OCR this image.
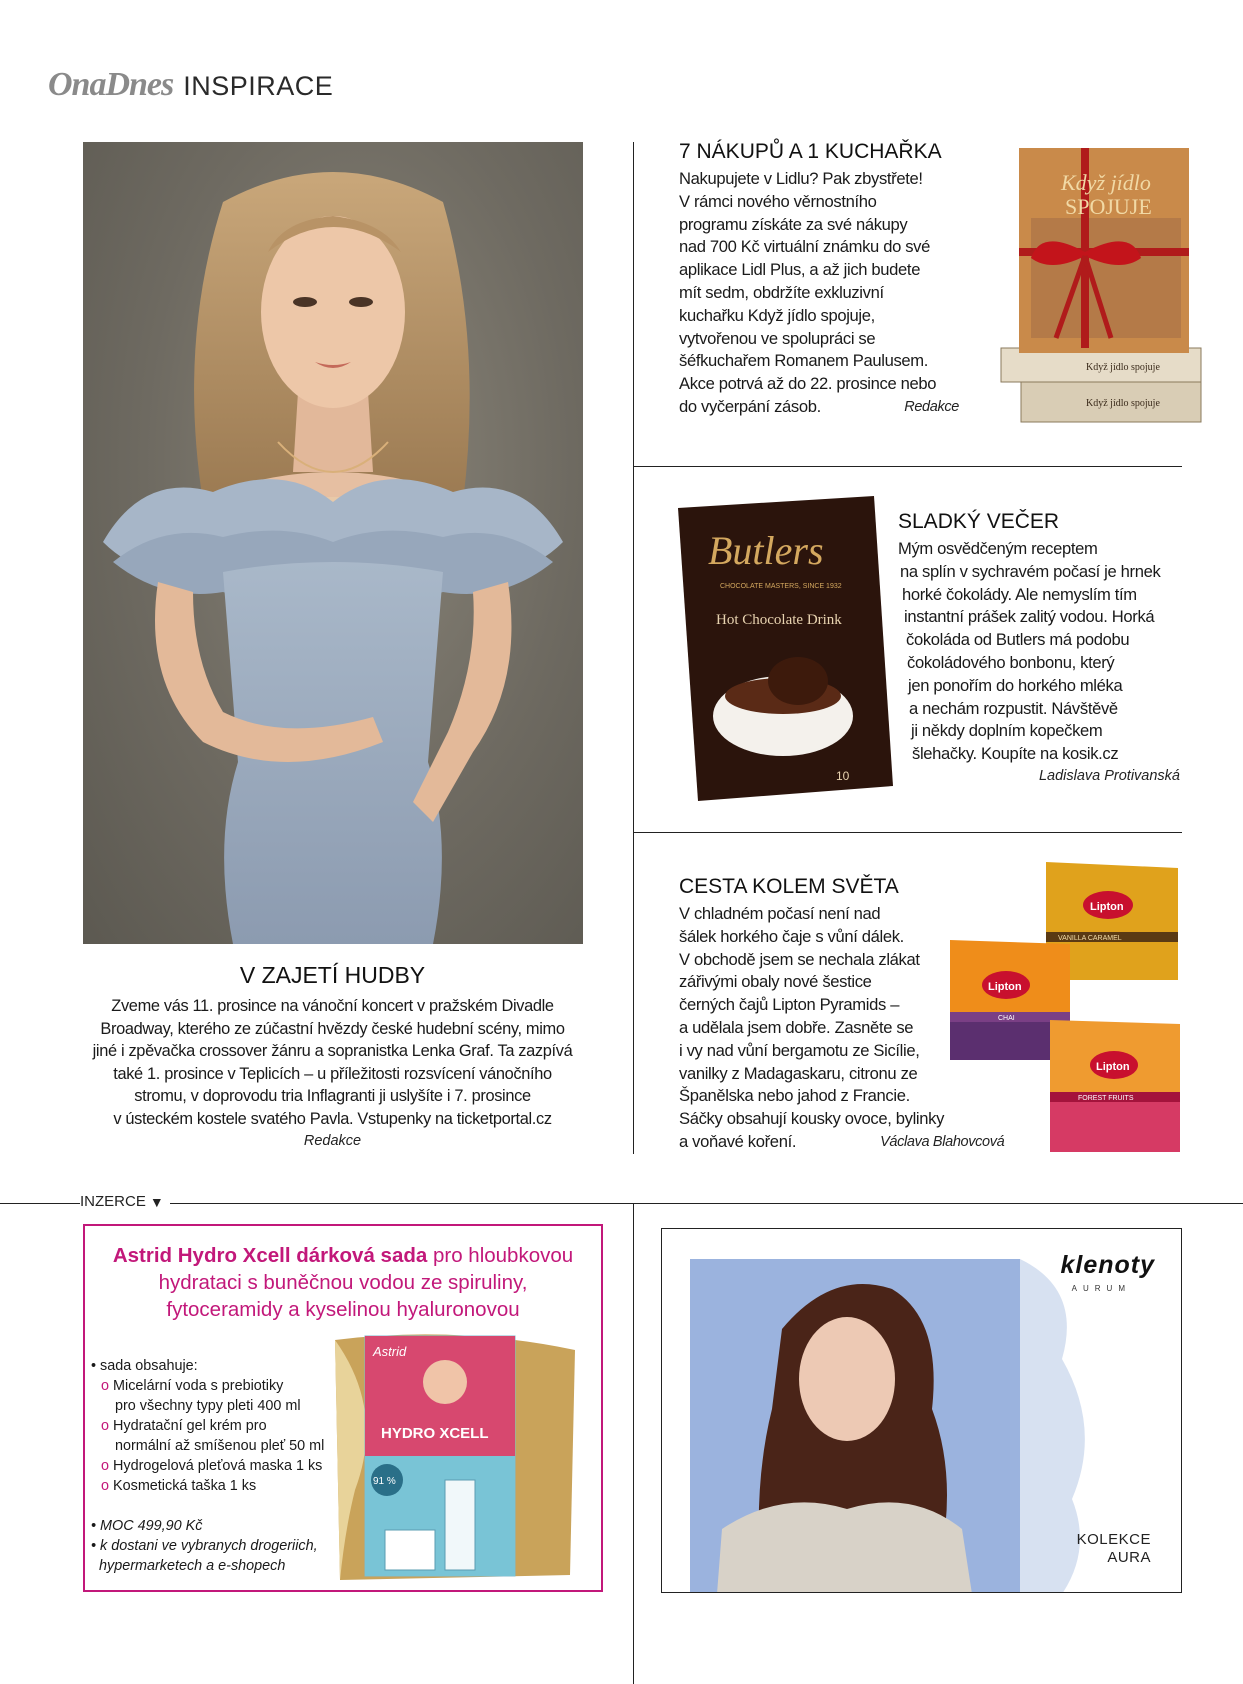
OnaDnes INSPIRACE
V ZAJETÍ HUDBY
Zveme vás 11. prosince na vánoční koncert v pražském Divadle
Broadway, kterého ze zúčastní hvězdy české hudební scény, mimo
jiné i zpěvačka crossover žánru a sopranistka Lenka Graf. Ta zazpívá
také 1. prosince v Teplicích – u příležitosti rozsvícení vánočního
stromu, v doprovodu tria Inflagranti ji uslyšíte i 7. prosince
v ústeckém kostele svatého Pavla. Vstupenky na ticketportal.cz
Redakce
7 NÁKUPŮ A 1 KUCHAŘKA
Nakupujete v Lidlu? Pak zbystřete!
V rámci nového věrnostního
programu získáte za své nákupy
nad 700 Kč virtuální známku do své
aplikace Lidl Plus, a až jich budete
mít sedm, obdržíte exkluzivní
kuchařku Když jídlo spojuje,
vytvořenou ve spolupráci se
šéfkuchařem Romanem Paulusem.
Akce potrvá až do 22. prosince nebo
do vyčerpání zásob.	Redakce
Když jídlo
SPOJUJE
Když jídlo spojuje
Když jídlo spojuje
Butlers
CHOCOLATE MASTERS, SINCE 1932
Hot Chocolate Drink
10
SLADKÝ VEČER
Mým osvědčeným receptem
na splín v sychravém počasí je hrnek
horké čokolády. Ale nemyslím tím
instantní prášek zalitý vodou. Horká
čokoláda od Butlers má podobu
čokoládového bonbonu, který
jen ponořím do horkého mléka
a nechám rozpustit. Návštěvě
ji někdy doplním kopečkem
šlehačky. Koupíte na kosik.cz
Ladislava Protivanská
Lipton
VANILLA CARAMEL
Lipton
CHAI
Lipton
FOREST FRUITS
CESTA KOLEM SVĚTA
V chladném počasí není nad
šálek horkého čaje s vůní dálek.
V obchodě jsem se nechala zlákat
zářivými obaly nové šestice
černých čajů Lipton Pyramids –
a udělala jsem dobře. Zasněte se
i vy nad vůní bergamotu ze Sicílie,
vanilky z Madagaskaru, citronu ze
Španělska nebo jahod z Francie.
Sáčky obsahují kousky ovoce, bylinky
a voňavé koření.	Václava Blahovcová
INZERCE ▼
Astrid Hydro Xcell dárková sada pro hloubkovou
hydrataci s buněčnou vodou ze spiruliny,
fytoceramidy a kyselinou hyaluronovou
• sada obsahuje:
o Micelární voda s prebiotiky
pro všechny typy pleti 400 ml
o Hydratační gel krém pro
normální až smíšenou pleť 50 ml
o Hydrogelová pleťová maska 1 ks
o Kosmetická taška 1 ks
• MOC 499,90 Kč
• k dostani ve vybranych drogeriich,
hypermarketech a e-shopech
Astrid
HYDRO XCELL
91 %
klenoty
AURUM
KOLEKCE
AURA
